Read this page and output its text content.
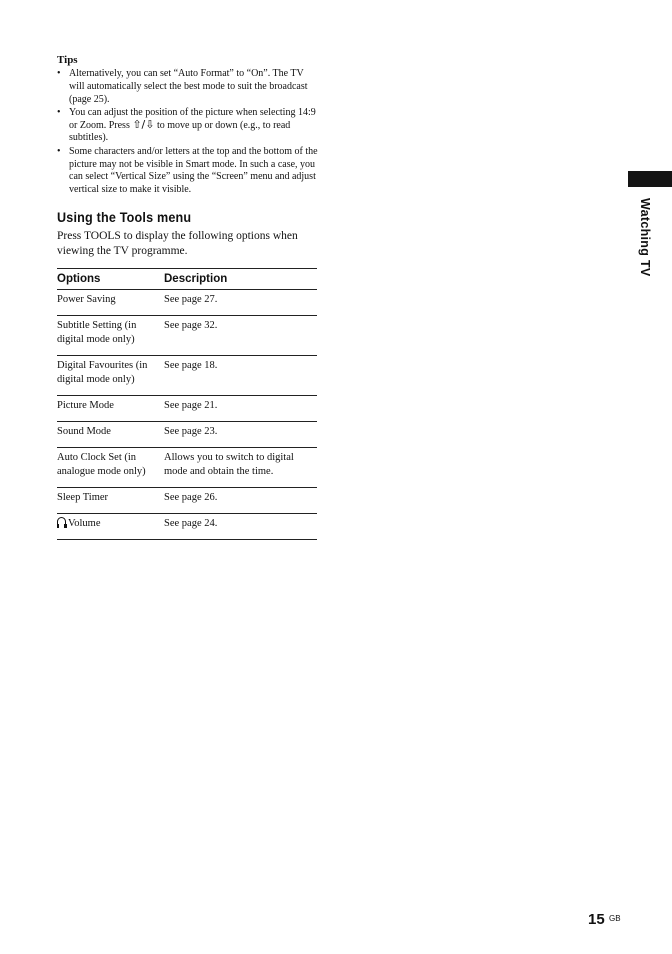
Tips
• Alternatively, you can set “Auto Format” to “On”. The TV will automatically select the best mode to suit the broadcast (page 25).
• You can adjust the position of the picture when selecting 14:9 or Zoom. Press ⇧/⇩ to move up or down (e.g., to read subtitles).
• Some characters and/or letters at the top and the bottom of the picture may not be visible in Smart mode. In such a case, you can select “Vertical Size” using the “Screen” menu and adjust vertical size to make it visible.
Using the Tools menu
Press TOOLS to display the following options when viewing the TV programme.
Options	Description
Power Saving	See page 27.
Subtitle Setting (in digital mode only)	See page 32.
Digital Favourites (in digital mode only)	See page 18.
Picture Mode	See page 21.
Sound Mode	See page 23.
Auto Clock Set (in analogue mode only)	Allows you to switch to digital mode and obtain the time.
Sleep Timer	See page 26.
Volume	See page 24.
Watching TV
15 GB
